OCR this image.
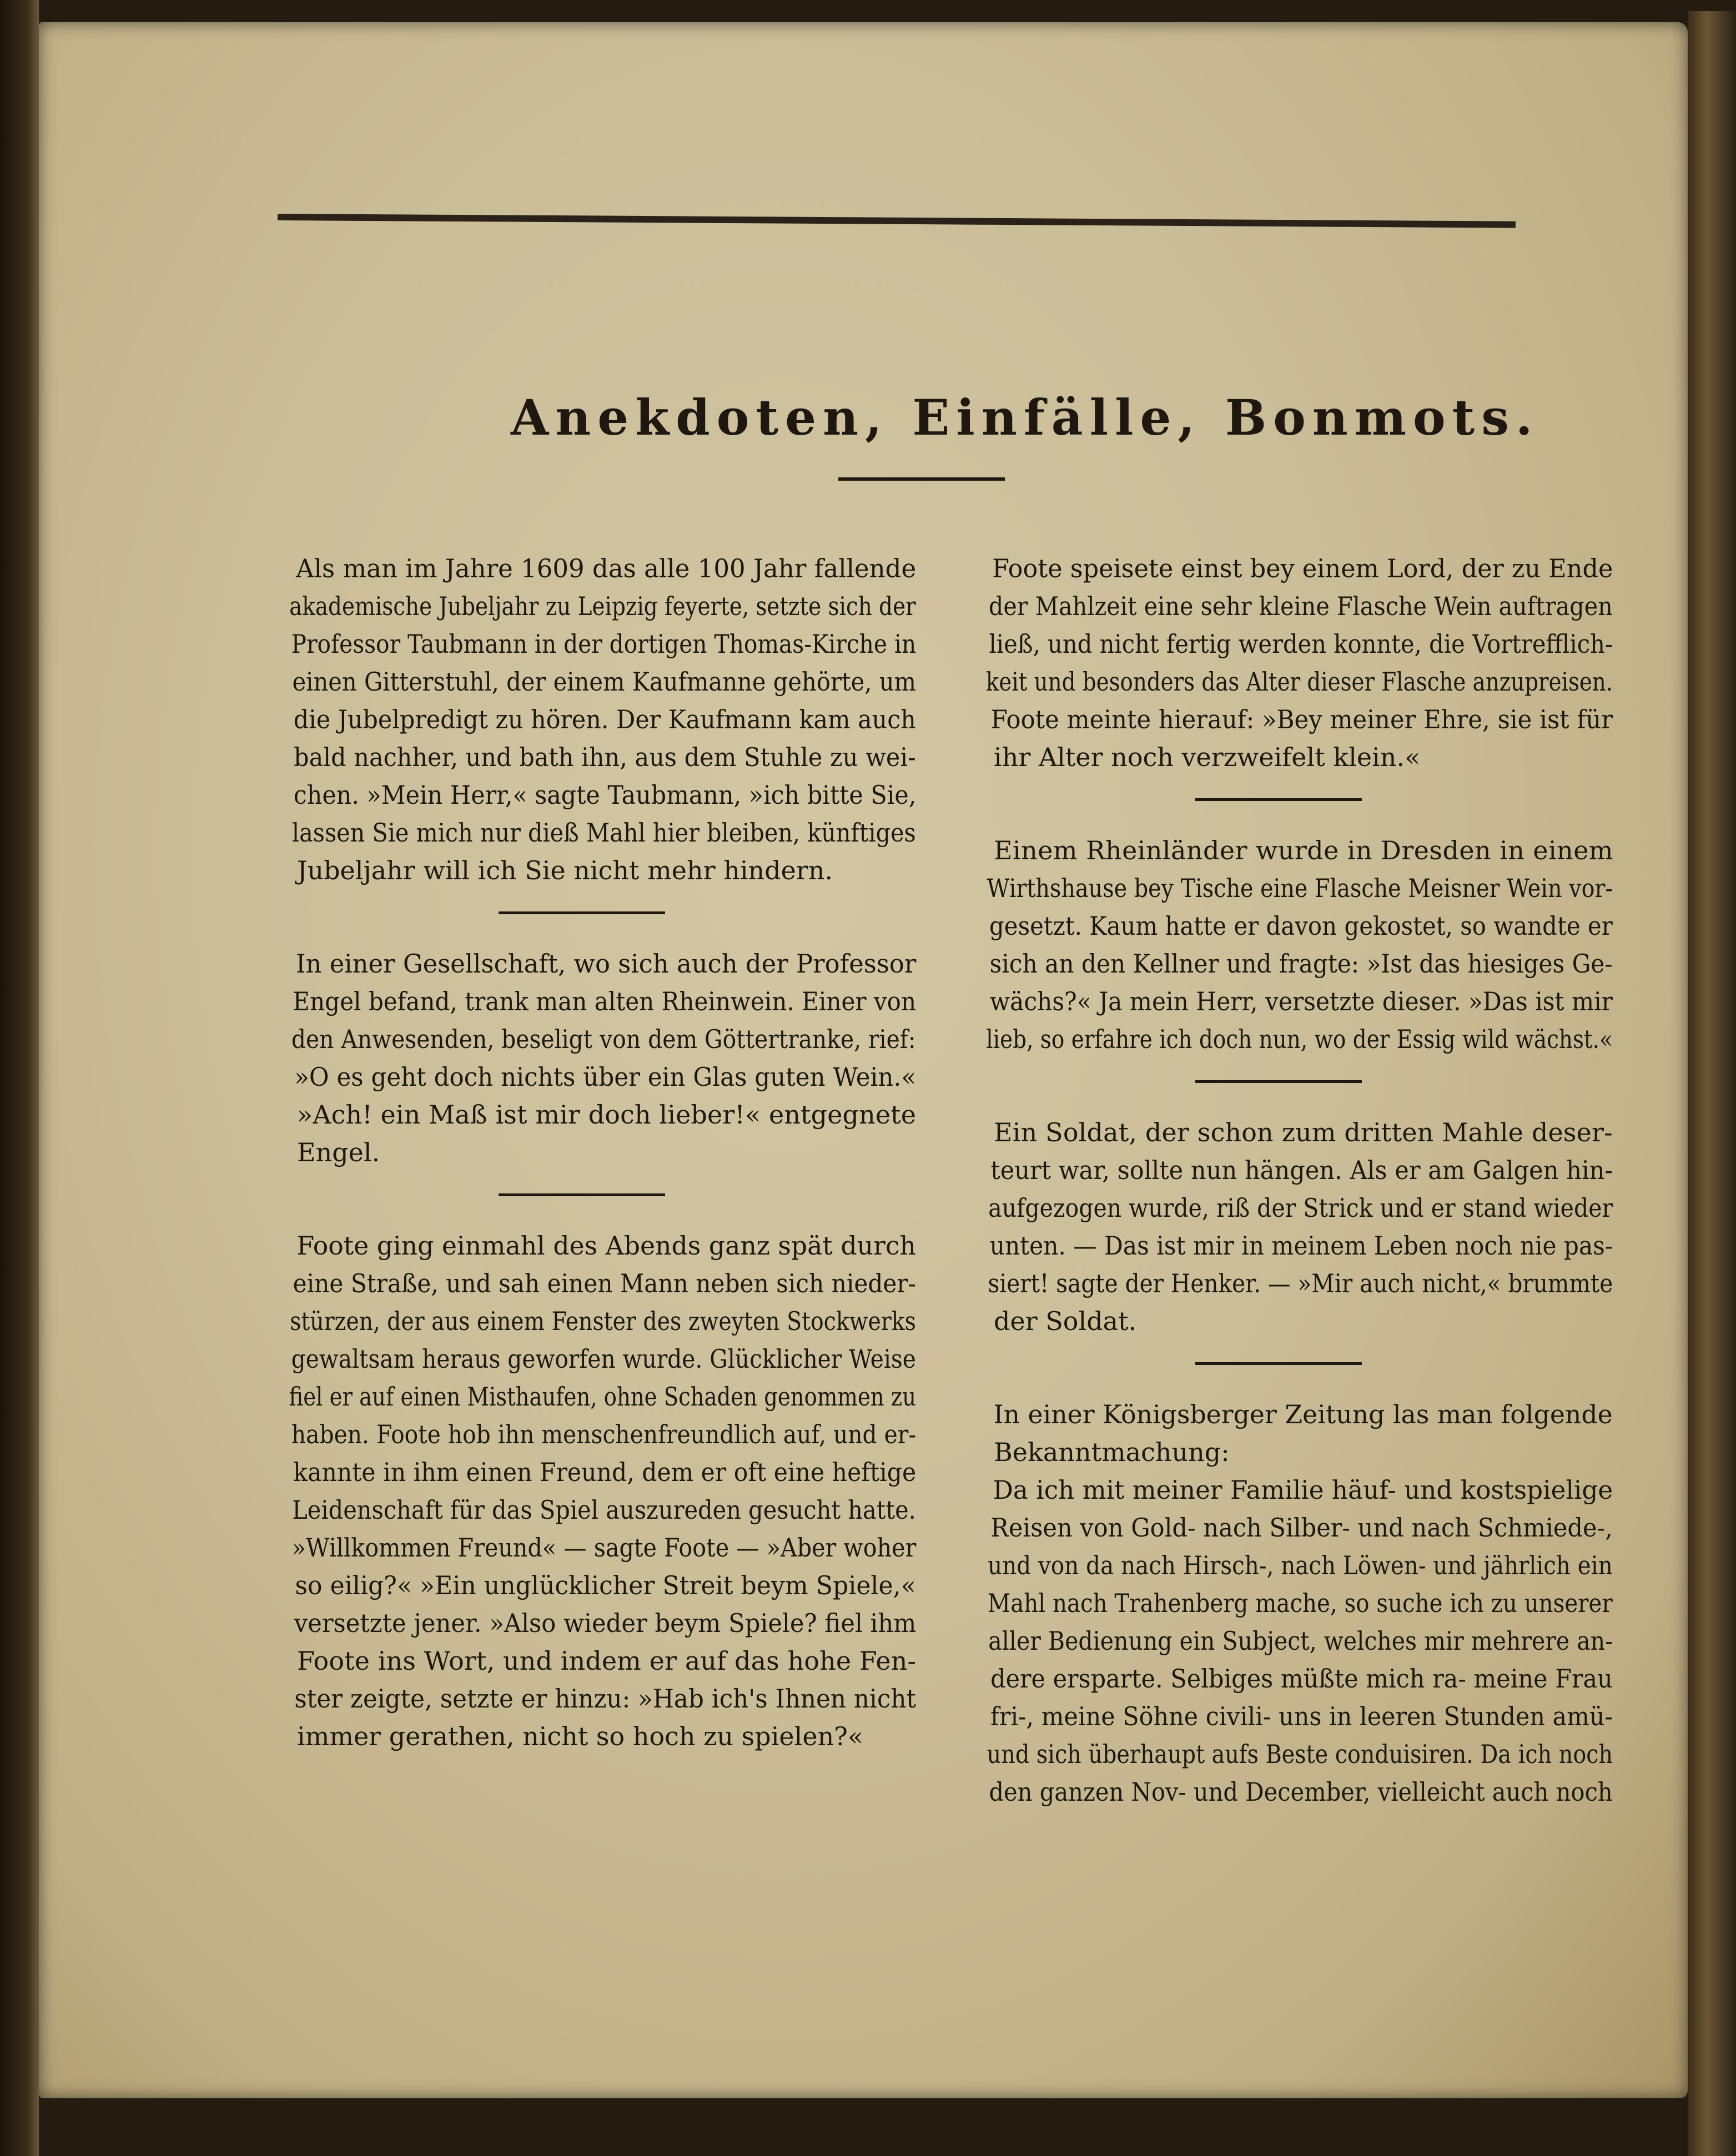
Anekdoten, Einfälle, Bonmots.
Als man im Jahre 1609 das alle 100 Jahr fallende
akademische Jubeljahr zu Leipzig feyerte, setzte sich der
Professor Taubmann in der dortigen Thomas-Kirche in
einen Gitterstuhl, der einem Kaufmanne gehörte, um
die Jubelpredigt zu hören. Der Kaufmann kam auch
bald nachher, und bath ihn, aus dem Stuhle zu wei-
chen. »Mein Herr,« sagte Taubmann, »ich bitte Sie,
lassen Sie mich nur dieß Mahl hier bleiben, künftiges
Jubeljahr will ich Sie nicht mehr hindern.
In einer Gesellschaft, wo sich auch der Professor
Engel befand, trank man alten Rheinwein. Einer von
den Anwesenden, beseligt von dem Göttertranke, rief:
»O es geht doch nichts über ein Glas guten Wein.«
»Ach! ein Maß ist mir doch lieber!« entgegnete
Engel.
Foote ging einmahl des Abends ganz spät durch
eine Straße, und sah einen Mann neben sich nieder-
stürzen, der aus einem Fenster des zweyten Stockwerks
gewaltsam heraus geworfen wurde. Glücklicher Weise
fiel er auf einen Misthaufen, ohne Schaden genommen zu
haben. Foote hob ihn menschenfreundlich auf, und er-
kannte in ihm einen Freund, dem er oft eine heftige
Leidenschaft für das Spiel auszureden gesucht hatte.
»Willkommen Freund« — sagte Foote — »Aber woher
so eilig?« »Ein unglücklicher Streit beym Spiele,«
versetzte jener. »Also wieder beym Spiele? fiel ihm
Foote ins Wort, und indem er auf das hohe Fen-
ster zeigte, setzte er hinzu: »Hab ich's Ihnen nicht
immer gerathen, nicht so hoch zu spielen?«
Foote speisete einst bey einem Lord, der zu Ende
der Mahlzeit eine sehr kleine Flasche Wein auftragen
ließ, und nicht fertig werden konnte, die Vortrefflich-
keit und besonders das Alter dieser Flasche anzupreisen.
Foote meinte hierauf: »Bey meiner Ehre, sie ist für
ihr Alter noch verzweifelt klein.«
Einem Rheinländer wurde in Dresden in einem
Wirthshause bey Tische eine Flasche Meisner Wein vor-
gesetzt. Kaum hatte er davon gekostet, so wandte er
sich an den Kellner und fragte: »Ist das hiesiges Ge-
wächs?« Ja mein Herr, versetzte dieser. »Das ist mir
lieb, so erfahre ich doch nun, wo der Essig wild wächst.«
Ein Soldat, der schon zum dritten Mahle deser-
teurt war, sollte nun hängen. Als er am Galgen hin-
aufgezogen wurde, riß der Strick und er stand wieder
unten. — Das ist mir in meinem Leben noch nie pas-
siert! sagte der Henker. — »Mir auch nicht,« brummte
der Soldat.
In einer Königsberger Zeitung las man folgende
Bekanntmachung:
Da ich mit meiner Familie häuf- und kostspielige
Reisen von Gold- nach Silber- und nach Schmiede-,
und von da nach Hirsch-, nach Löwen- und jährlich ein
Mahl nach Trahenberg mache, so suche ich zu unserer
aller Bedienung ein Subject, welches mir mehrere an-
dere ersparte. Selbiges müßte mich ra- meine Frau
fri-, meine Söhne civili- uns in leeren Stunden amü-
und sich überhaupt aufs Beste conduisiren. Da ich noch
den ganzen Nov- und December, vielleicht auch noch
